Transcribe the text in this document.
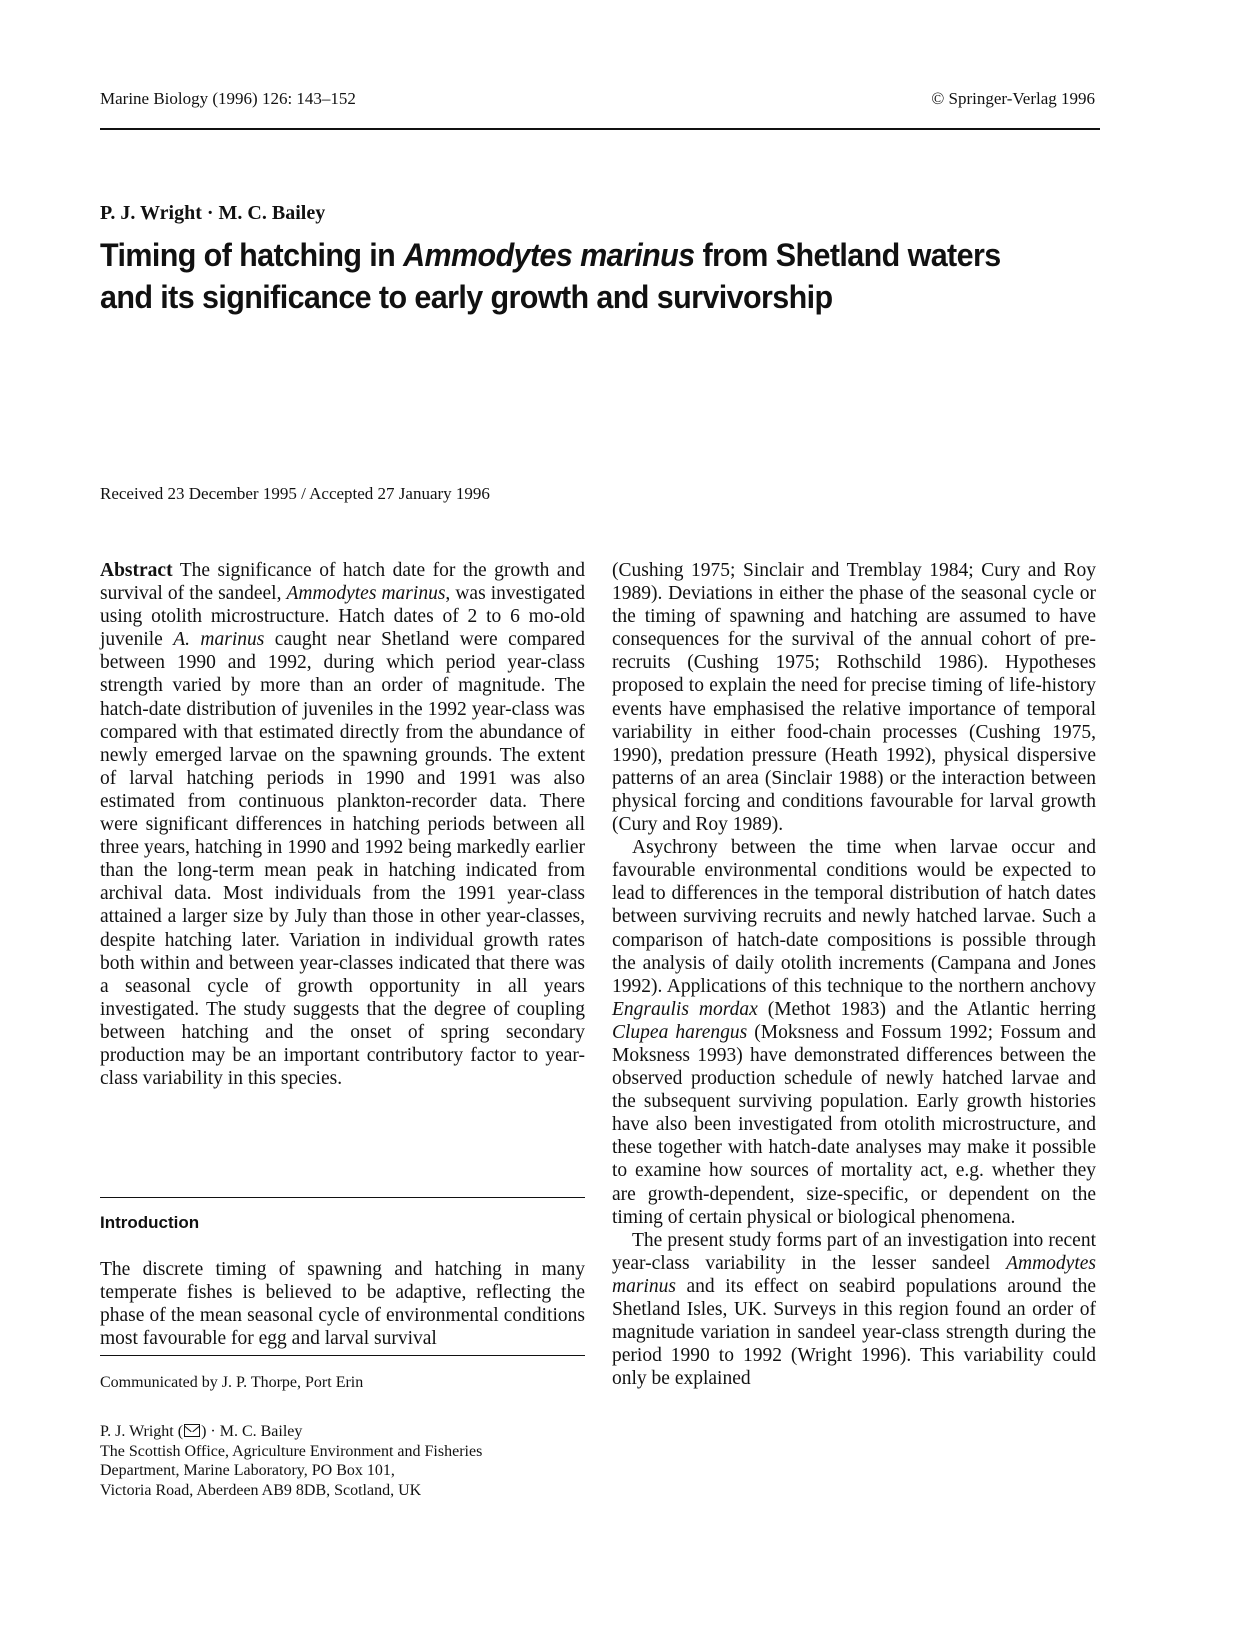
Marine Biology (1996) 126: 143–152	© Springer-Verlag 1996
P. J. Wright · M. C. Bailey
Timing of hatching in Ammodytes marinus from Shetland waters
and its significance to early growth and survivorship
Received 23 December 1995 / Accepted 27 January 1996

Abstract The significance of hatch date for the growth and survival of the sandeel, Ammodytes marinus, was investigated using otolith microstructure. Hatch dates of 2 to 6 mo-old juvenile A. marinus caught near Shetland were compared between 1990 and 1992, during which period year-class strength varied by more than an order of magnitude. The hatch-date distribution of juveniles in the 1992 year-class was compared with that estimated directly from the abundance of newly emerged larvae on the spawning grounds. The extent of larval hatching periods in 1990 and 1991 was also estimated from continuous plankton-recorder data. There were significant differences in hatching periods between all three years, hatching in 1990 and 1992 being markedly earlier than the long-term mean peak in hatching indicated from archival data. Most individuals from the 1991 year-class attained a larger size by July than those in other year-classes, despite hatching later. Variation in individual growth rates both within and between year-classes indicated that there was a seasonal cycle of growth opportunity in all years investigated. The study suggests that the degree of coupling between hatching and the onset of spring secondary production may be an important contributory factor to year-class variability in this species.

Introduction

The discrete timing of spawning and hatching in many temperate fishes is believed to be adaptive, reflecting the phase of the mean seasonal cycle of environmental conditions most favourable for egg and larval survival

Communicated by J. P. Thorpe, Port Erin
P. J. Wright ( ) · M. C. Bailey
The Scottish Office, Agriculture Environment and Fisheries
Department, Marine Laboratory, PO Box 101,
Victoria Road, Aberdeen AB9 8DB, Scotland, UK

(Cushing 1975; Sinclair and Tremblay 1984; Cury and Roy 1989). Deviations in either the phase of the seasonal cycle or the timing of spawning and hatching are assumed to have consequences for the survival of the annual cohort of pre-recruits (Cushing 1975; Rothschild 1986). Hypotheses proposed to explain the need for precise timing of life-history events have emphasised the relative importance of temporal variability in either food-chain processes (Cushing 1975, 1990), predation pressure (Heath 1992), physical dispersive patterns of an area (Sinclair 1988) or the interaction between physical forcing and conditions favourable for larval growth (Cury and Roy 1989).

Asychrony between the time when larvae occur and favourable environmental conditions would be expected to lead to differences in the temporal distribution of hatch dates between surviving recruits and newly hatched larvae. Such a comparison of hatch-date compositions is possible through the analysis of daily otolith increments (Campana and Jones 1992). Applications of this technique to the northern anchovy Engraulis mordax (Methot 1983) and the Atlantic herring Clupea harengus (Moksness and Fossum 1992; Fossum and Moksness 1993) have demonstrated differences between the observed production schedule of newly hatched larvae and the subsequent surviving population. Early growth histories have also been investigated from otolith microstructure, and these together with hatch-date analyses may make it possible to examine how sources of mortality act, e.g. whether they are growth-dependent, size-specific, or dependent on the timing of certain physical or biological phenomena.

The present study forms part of an investigation into recent year-class variability in the lesser sandeel Ammodytes marinus and its effect on seabird populations around the Shetland Isles, UK. Surveys in this region found an order of magnitude variation in sandeel year-class strength during the period 1990 to 1992 (Wright 1996). This variability could only be explained
